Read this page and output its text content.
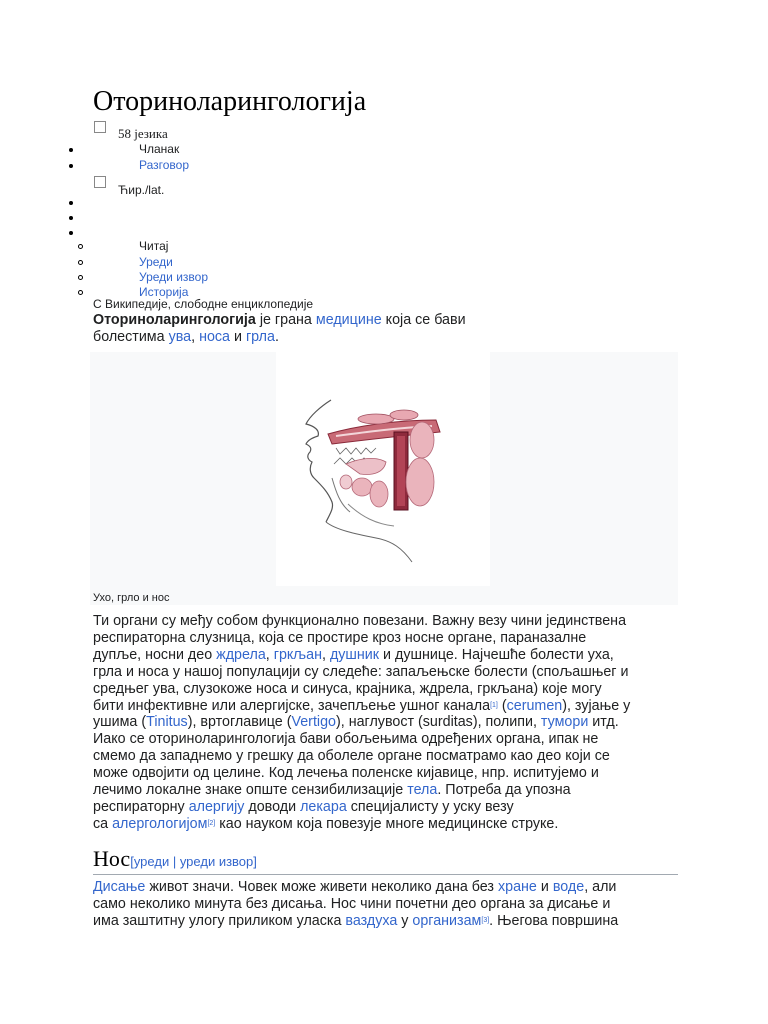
Оториноларингологија
58 језика
Чланак
Разговор
Ћир./lat.
Читај
Уреди
Уреди извор
Историја
С Википедије, слободне енциклопедије

Оториноларингологија је грана медицине која се бави
болестима ува, носа и грла.

Ухо, грло и нос

Ти органи су међу собом функционално повезани. Важну везу чини јединствена
респираторна слузница, која се простире кроз носне органе, параназалне
дупље, носни део ждрела, гркљан, душник и душнице. Најчешће болести уха,
грла и носа у нашој популацији су следеће: запаљењске болести (спољашњег и
средњег ува, слузокоже носа и синуса, крајника, ждрела, гркљана) које могу
бити инфективне или алергијске, зачепљење ушног канала[1] (cerumen), зујање у
ушима (Tinitus), вртоглавице (Vertigo), наглувост (surditas), полипи, тумори итд.
Иако се оториноларингологија бави обољењима одређених органа, ипак не
смемо да западнемо у грешку да оболеле органе посматрамо као део који се
може одвојити од целине. Код лечења поленске кијавице, нпр. испитујемо и
лечимо локалне знаке опште сензибилизације тела. Потреба да упозна
респираторну алергију доводи лекара специјалисту у уску везу
са алергологијом[2] као науком која повезује многе медицинске струке.

Нос[уреди | уреди извор]

Дисање живот значи. Човек може живети неколико дана без хране и воде, али
само неколико минута без дисања. Нос чини почетни део органа за дисање и
има заштитну улогу приликом уласка ваздуха у организам[3]. Његова површина
